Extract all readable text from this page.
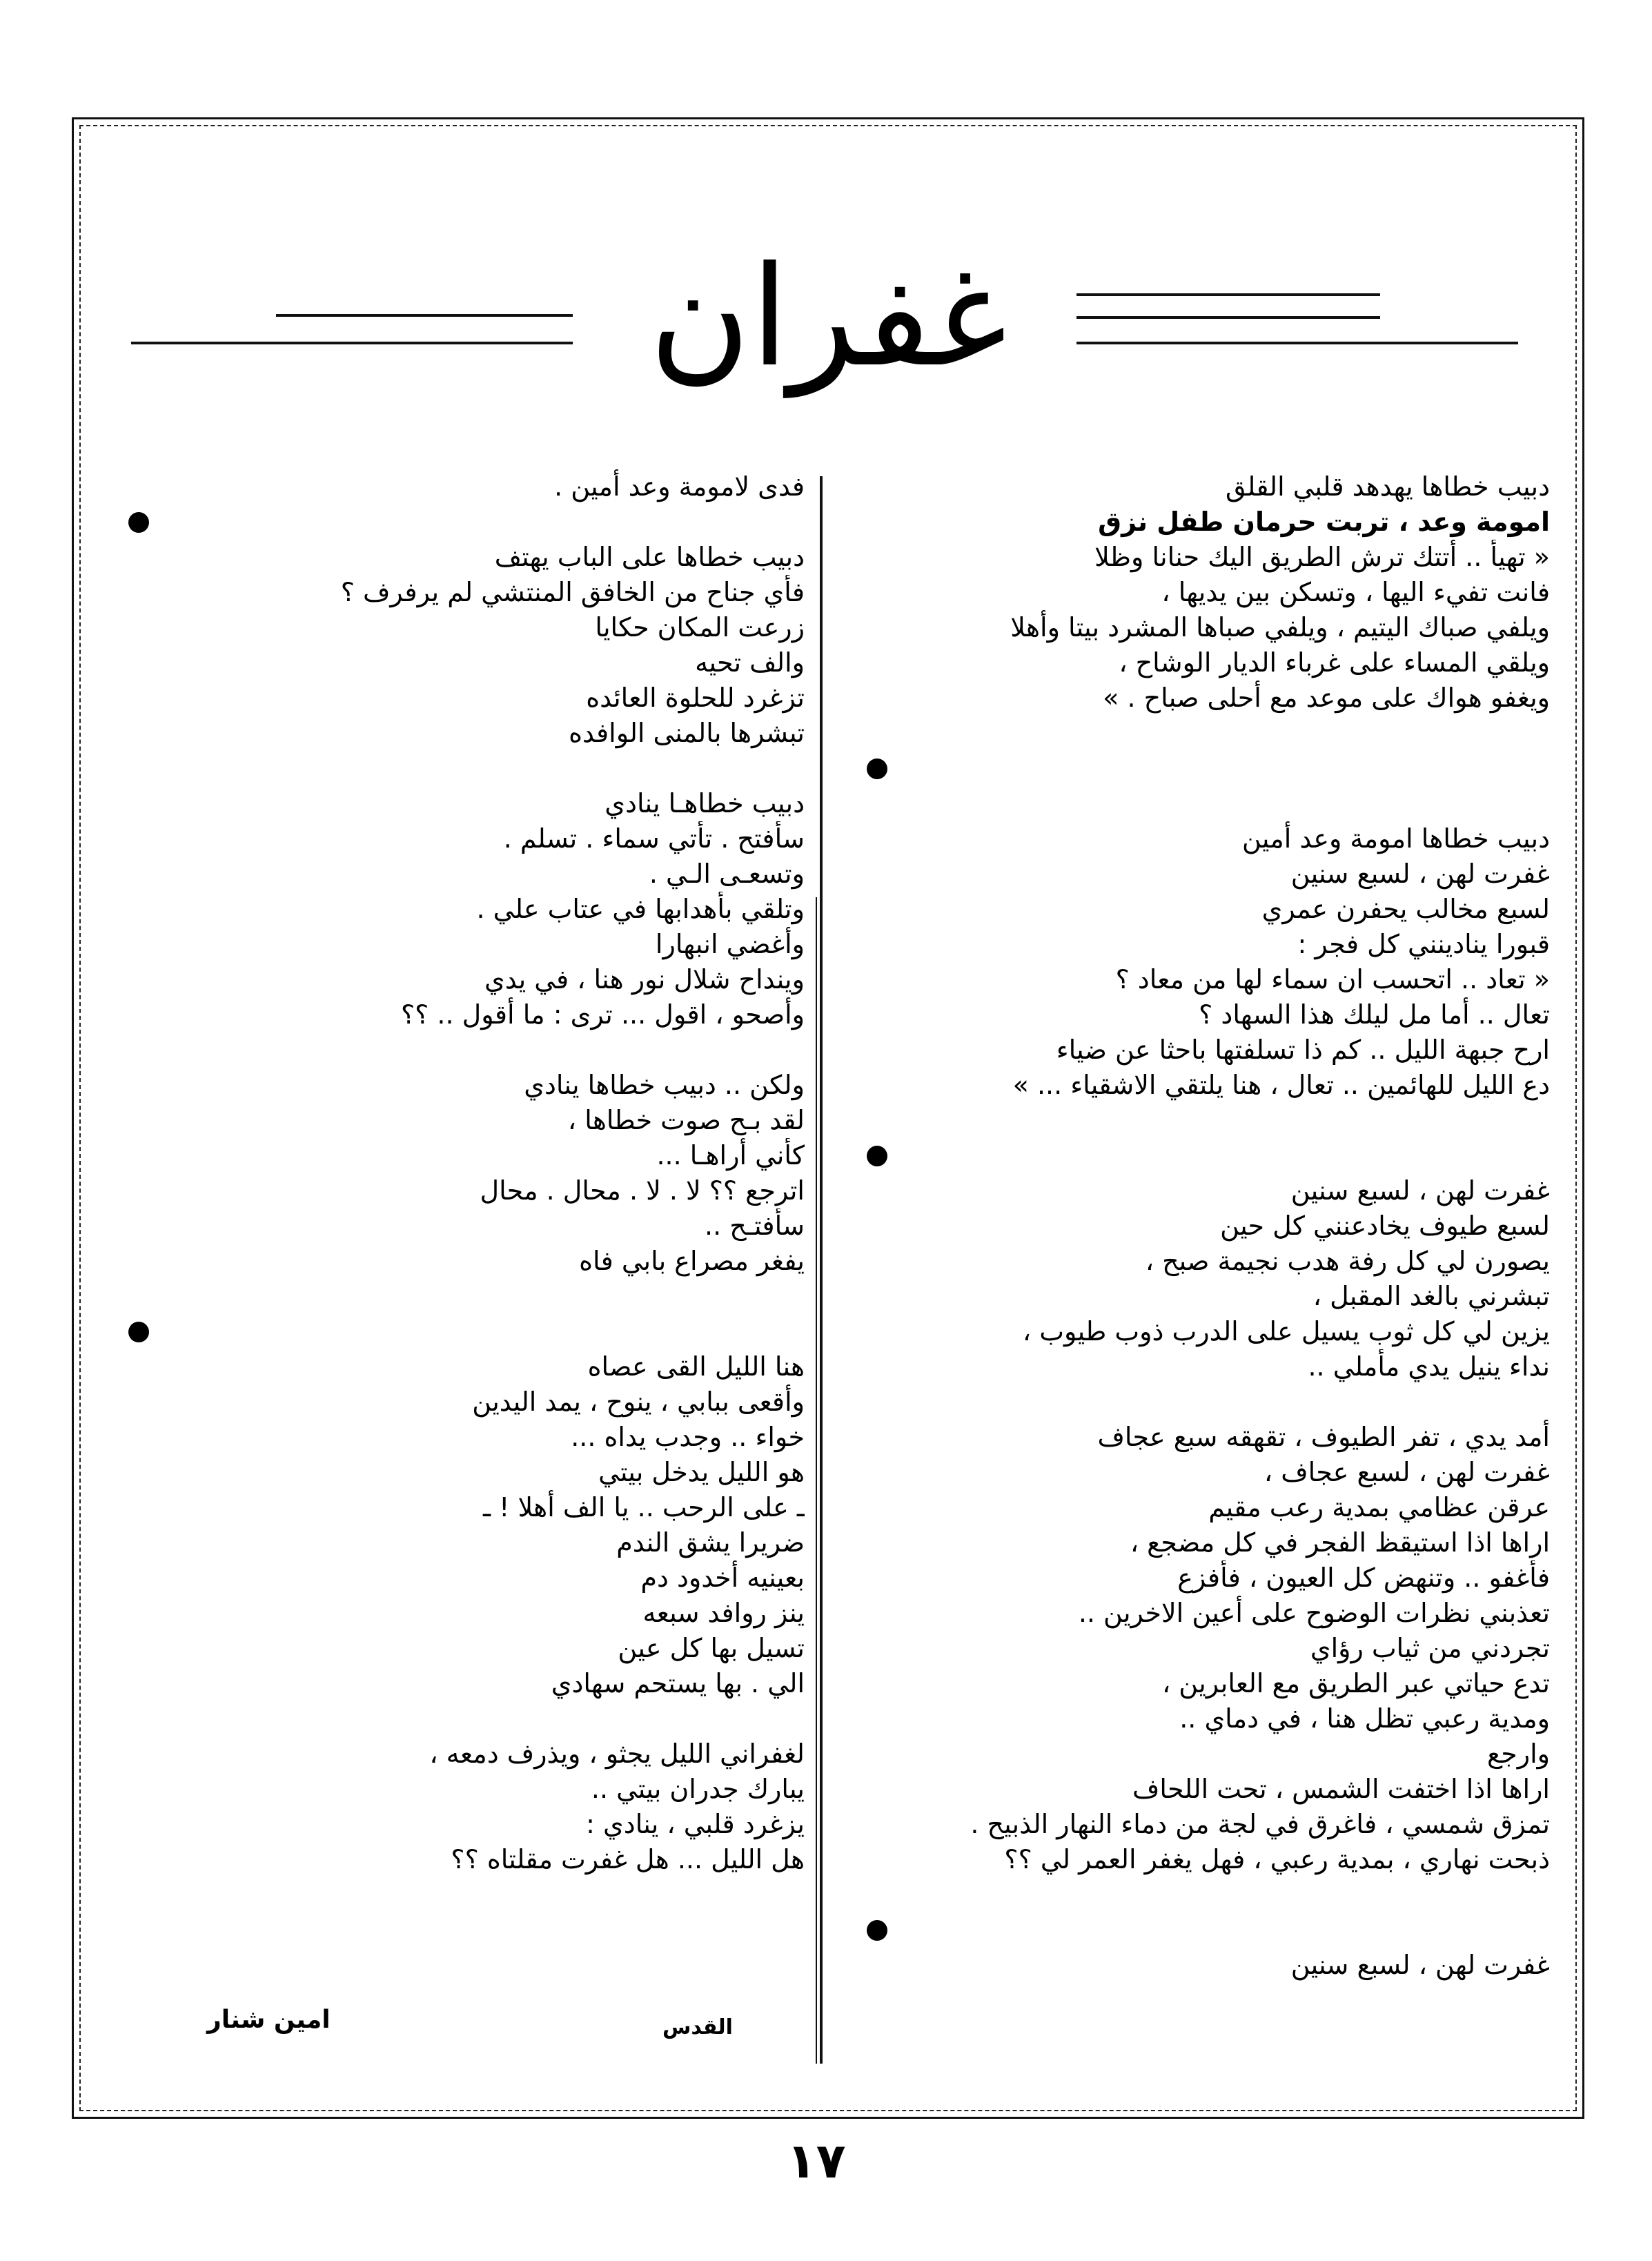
غفران
دبيب خطاها يهدهد قلبي القلق
امومة وعد ، تربت حرمان طفل نزق
« تهيأ .. أتتك ترش الطريق اليك حنانا وظلا
فانت تفيء اليها ، وتسكن بين يديها ،
ويلفي صباك اليتيم ، ويلفي صباها المشرد بيتا وأهلا
ويلقي المساء على غرباء الديار الوشاح ،
ويغفو هواك على موعد مع أحلى صباح . »
دبيب خطاها امومة وعد أمين
غفرت لهن ، لسبع سنين
لسبع مخالب يحفرن عمري
قبورا ينادينني كل فجر :
« تعاد .. اتحسب ان سماء لها من معاد ؟
تعال .. أما مل ليلك هذا السهاد ؟
ارح جبهة الليل .. كم ذا تسلفتها باحثا عن ضياء
دع الليل للهائمين .. تعال ، هنا يلتقي الاشقياء ... »
غفرت لهن ، لسبع سنين
لسبع طيوف يخادعنني كل حين
يصورن لي كل رفة هدب نجيمة صبح ،
تبشرني بالغد المقبل ،
يزين لي كل ثوب يسيل على الدرب ذوب طيوب ،
نداء ينيل يدي مأملي ..
أمد يدي ، تفر الطيوف ، تقهقه سبع عجاف
غفرت لهن ، لسبع عجاف ،
عرقن عظامي بمدية رعب مقيم
اراها اذا استيقظ الفجر في كل مضجع ،
فأغفو .. وتنهض كل العيون ، فأفزع
تعذبني نظرات الوضوح على أعين الاخرين ..
تجردني من ثياب رؤاي
تدع حياتي عبر الطريق مع العابرين ،
ومدية رعبي تظل هنا ، في دماي ..
وارجع
اراها اذا اختفت الشمس ، تحت اللحاف
تمزق شمسي ، فاغرق في لجة من دماء النهار الذبيح .
ذبحت نهاري ، بمدية رعبي ، فهل يغفر العمر لي ؟؟
غفرت لهن ، لسبع سنين
فدى لامومة وعد أمين .
دبيب خطاها على الباب يهتف
فأي جناح من الخافق المنتشي لم يرفرف ؟
زرعت المكان حكايا
والف تحيه
تزغرد للحلوة العائده
تبشرها بالمنى الوافده
دبيب خطاهـا ينادي
سأفتح . تأتي سماء . تسلم .
وتسعـى الـي .
وتلقي بأهدابها في عتاب علي .
وأغضي انبهارا
وينداح شلال نور هنا ، في يدي
وأصحو ، اقول ... ترى : ما أقول .. ؟؟
ولكن .. دبيب خطاها ينادي
لقد بـح صوت خطاها ،
كأني أراهـا ...
اترجع ؟؟ لا . لا . محال . محال
سأفتـح ..
يفغر مصراع بابي فاه
هنا الليل القى عصاه
وأقعى ببابي ، ينوح ، يمد اليدين
خواء .. وجدب يداه ...
هو الليل يدخل بيتي
ـ على الرحب .. يا الف أهلا ! ـ
ضريرا يشق الندم
بعينيه أخدود دم
ينز روافد سبعه
تسيل بها كل عين
الي . بها يستحم سهادي
لغفراني الليل يجثو ، ويذرف دمعه ،
يبارك جدران بيتي ..
يزغرد قلبي ، ينادي :
هل الليل ... هل غفرت مقلتاه ؟؟
القدس
امين شنار
١٧
